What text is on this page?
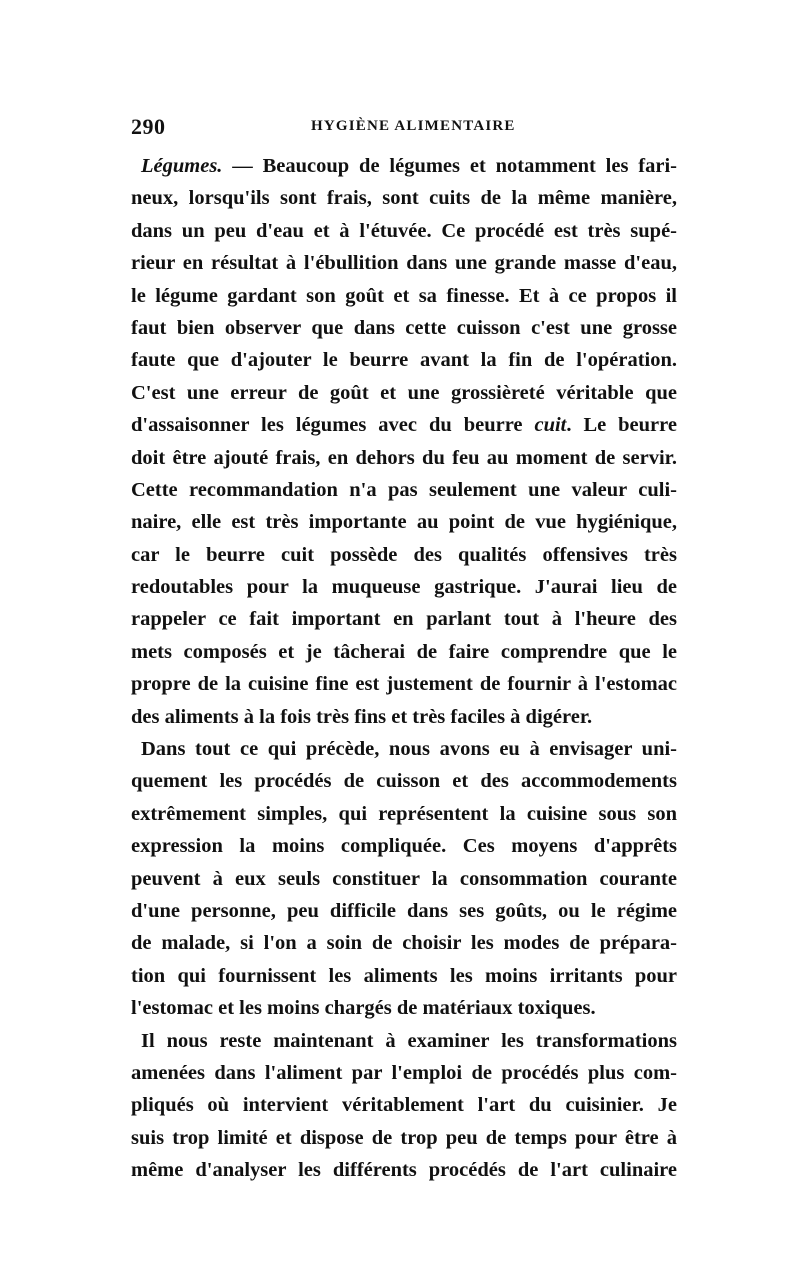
290	HYGIÈNE ALIMENTAIRE
Légumes. — Beaucoup de légumes et notamment les fari-
neux, lorsqu'ils sont frais, sont cuits de la même manière,
dans un peu d'eau et à l'étuvée. Ce procédé est très supé-
rieur en résultat à l'ébullition dans une grande masse d'eau,
le légume gardant son goût et sa finesse. Et à ce propos il
faut bien observer que dans cette cuisson c'est une grosse
faute que d'ajouter le beurre avant la fin de l'opération.
C'est une erreur de goût et une grossièreté véritable que
d'assaisonner les légumes avec du beurre cuit. Le beurre
doit être ajouté frais, en dehors du feu au moment de servir.
Cette recommandation n'a pas seulement une valeur culi-
naire, elle est très importante au point de vue hygiénique,
car le beurre cuit possède des qualités offensives très
redoutables pour la muqueuse gastrique. J'aurai lieu de
rappeler ce fait important en parlant tout à l'heure des
mets composés et je tâcherai de faire comprendre que le
propre de la cuisine fine est justement de fournir à l'estomac
des aliments à la fois très fins et très faciles à digérer.
Dans tout ce qui précède, nous avons eu à envisager uni-
quement les procédés de cuisson et des accommodements
extrêmement simples, qui représentent la cuisine sous son
expression la moins compliquée. Ces moyens d'apprêts
peuvent à eux seuls constituer la consommation courante
d'une personne, peu difficile dans ses goûts, ou le régime
de malade, si l'on a soin de choisir les modes de prépara-
tion qui fournissent les aliments les moins irritants pour
l'estomac et les moins chargés de matériaux toxiques.
Il nous reste maintenant à examiner les transformations
amenées dans l'aliment par l'emploi de procédés plus com-
pliqués où intervient véritablement l'art du cuisinier. Je
suis trop limité et dispose de trop peu de temps pour être à
même d'analyser les différents procédés de l'art culinaire
